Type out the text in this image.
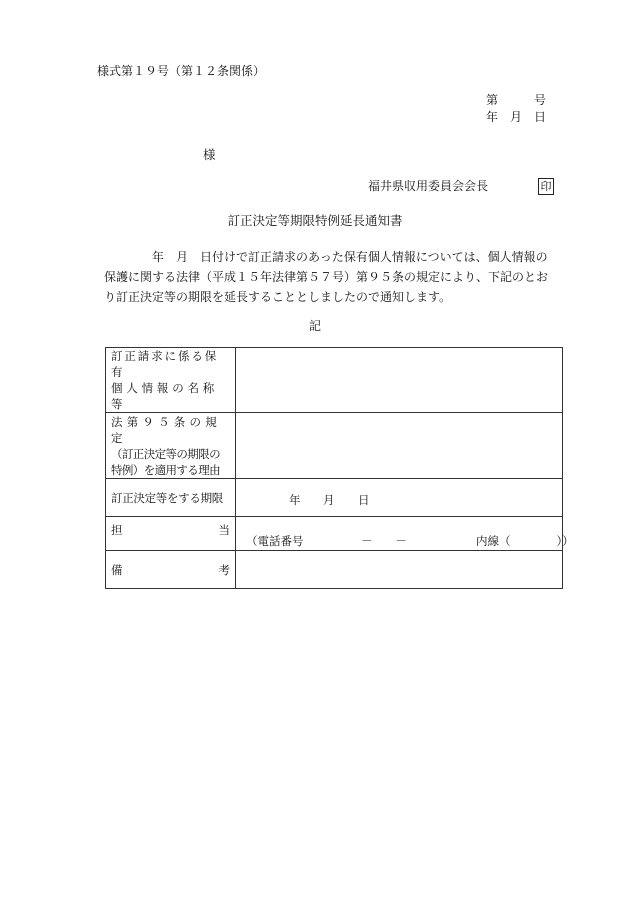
様式第１９号（第１２条関係）
第　　　号
年　月　日
様
福井県収用委員会会長	印
訂正決定等期限特例延長通知書

年　月　日付けで訂正請求のあった保有個人情報については、個人情報の保護に関する法律（平成１５年法律第５７号）第９５条の規定により、下記のとおり訂正決定等の期限を延長することとしましたので通知します。

記
訂正請求に係る保有
個人情報の名称等	

法第９５条の規定
（訂正決定等の期限の
特例）を適用する理由	

訂正決定等をする期限	年 月 日

担 当	（電話番号　　　　　－　　－　　　　　　内線（　　　　））

備 考	
